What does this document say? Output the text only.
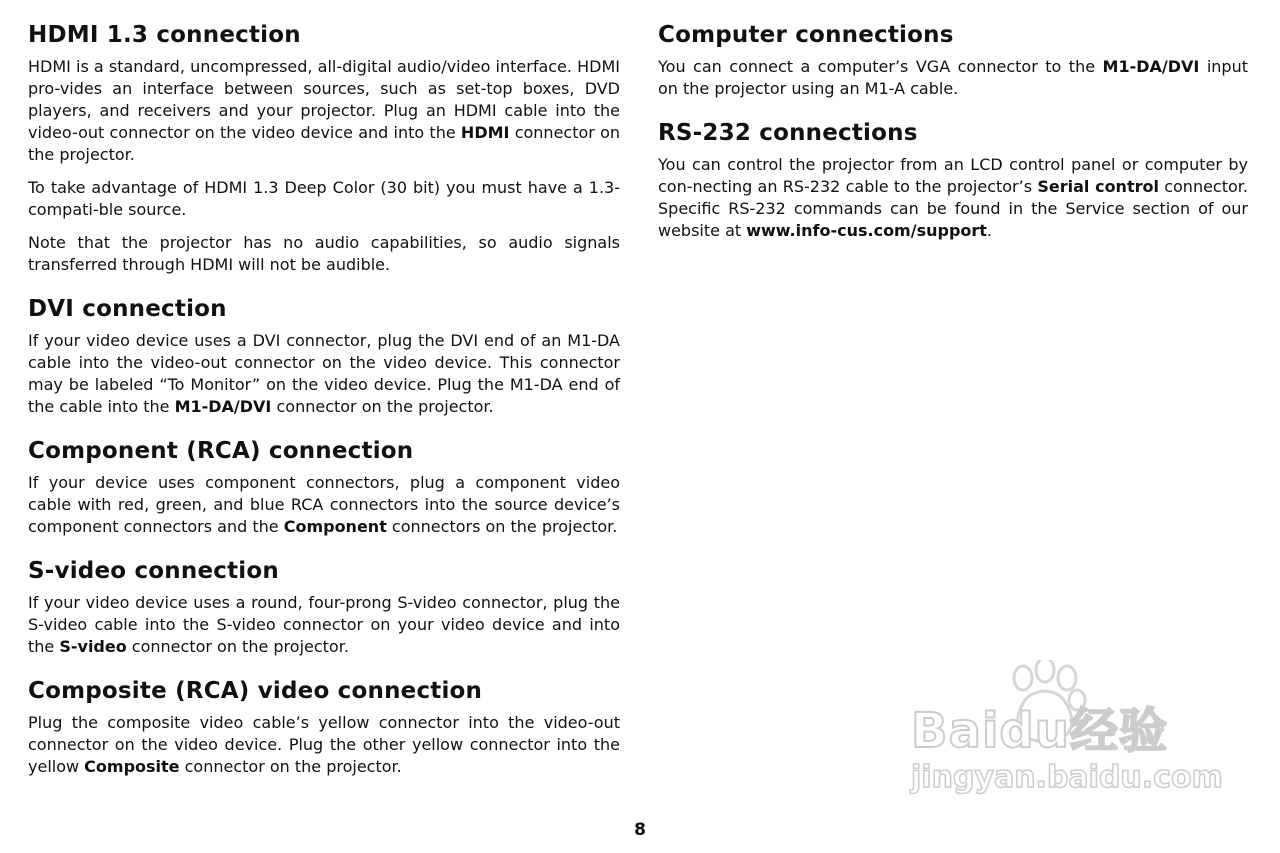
HDMI 1.3 connection

HDMI is a standard, uncompressed, all-digital audio/video interface. HDMI pro-vides an interface between sources, such as set-top boxes, DVD players, and receivers and your projector. Plug an HDMI cable into the video-out connector on the video device and into the HDMI connector on the projector.

To take advantage of HDMI 1.3 Deep Color (30 bit) you must have a 1.3-compati-ble source.

Note that the projector has no audio capabilities, so audio signals transferred through HDMI will not be audible.

DVI connection

If your video device uses a DVI connector, plug the DVI end of an M1-DA cable into the video-out connector on the video device. This connector may be labeled “To Monitor” on the video device. Plug the M1-DA end of the cable into the M1-DA/DVI connector on the projector.

Component (RCA) connection

If your device uses component connectors, plug a component video cable with red, green, and blue RCA connectors into the source device’s component connectors and the Component connectors on the projector.

S-video connection

If your video device uses a round, four-prong S-video connector, plug the S-video cable into the S-video connector on your video device and into the S-video connector on the projector.

Composite (RCA) video connection

Plug the composite video cable’s yellow connector into the video-out connector on the video device. Plug the other yellow connector into the yellow Composite connector on the projector.

Computer connections

You can connect a computer’s VGA connector to the M1-DA/DVI input on the projector using an M1-A cable.

RS-232 connections

You can control the projector from an LCD control panel or computer by con-necting an RS-232 cable to the projector’s Serial control connector. Specific RS-232 commands can be found in the Service section of our website at www.info-cus.com/support.

8
Baidu经验
jingyan.baidu.com
